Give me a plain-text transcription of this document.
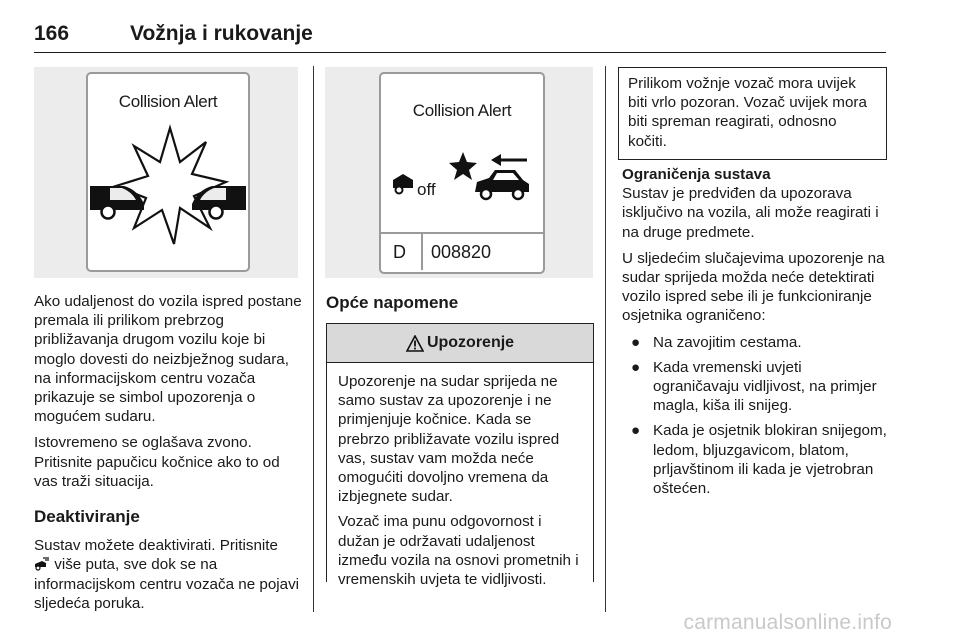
166	Vožnja i rukovanje
Collision Alert

Ako udaljenost do vozila ispred postane premala ili prilikom prebrzog približavanja drugom vozilu koje bi moglo dovesti do neizbježnog sudara, na informacijskom centru vozača prikazuje se simbol upozorenja o mogućem sudaru.

Istovremeno se oglašava zvono. Pritisnite papučicu kočnice ako to od vas traži situacija.

Deaktiviranje

Sustav možete deaktivirati. Pritisnite
više puta, sve dok se na informacijskom centru vozača ne pojavi sljedeća poruka.

Collision Alert
off
D 008820

Opće napomene

Upozorenje

Upozorenje na sudar sprijeda ne samo sustav za upozorenje i ne primjenjuje kočnice. Kada se prebrzo približavate vozilu ispred vas, sustav vam možda neće omogućiti dovoljno vremena da izbjegnete sudar.

Vozač ima punu odgovornost i dužan je održavati udaljenost između vozila na osnovi prometnih i vremenskih uvjeta te vidljivosti.

Prilikom vožnje vozač mora uvijek biti vrlo pozoran. Vozač uvijek mora biti spreman reagirati, odnosno kočiti.

Ograničenja sustava

Sustav je predviđen da upozorava isključivo na vozila, ali može reagirati i na druge predmete.

U sljedećim slučajevima upozorenje na sudar sprijeda možda neće detektirati vozilo ispred sebe ili je funkcioniranje osjetnika ograničeno:

● Na zavojitim cestama.
● Kada vremenski uvjeti ograničavaju vidljivost, na primjer magla, kiša ili snijeg.
● Kada je osjetnik blokiran snijegom, ledom, bljuzgavicom, blatom, prljavštinom ili kada je vjetrobran oštećen.
carmanualsonline.info
